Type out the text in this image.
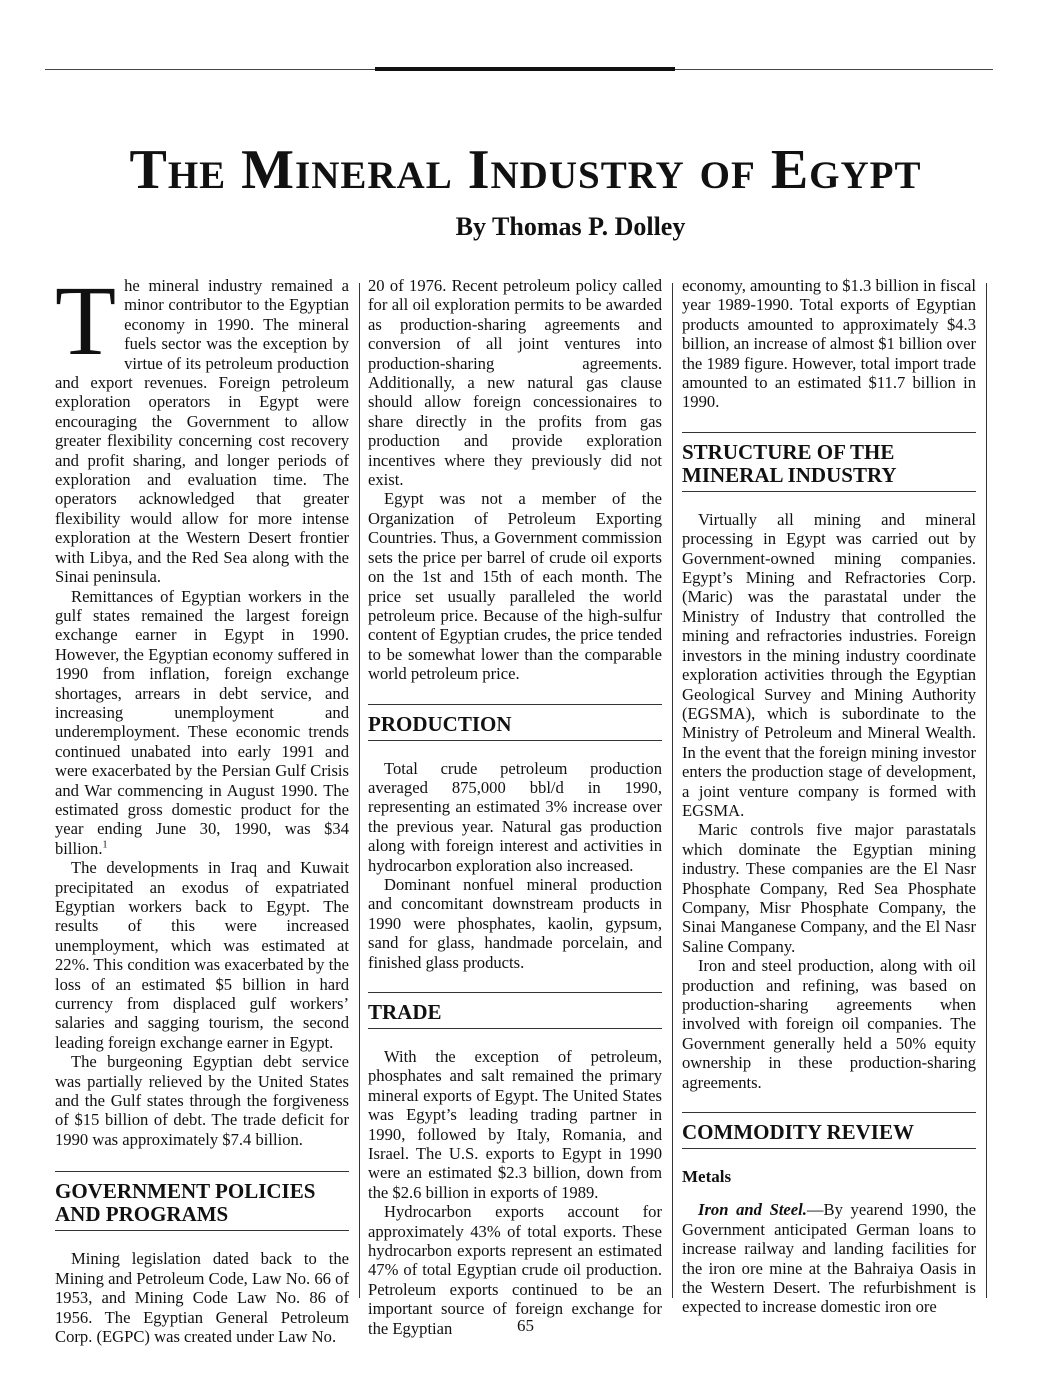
The Mineral Industry of Egypt
By Thomas P. Dolley

The mineral industry remained a minor contributor to the Egyptian economy in 1990. The mineral fuels sector was the exception by virtue of its petroleum production and export revenues. Foreign petroleum exploration operators in Egypt were encouraging the Government to allow greater flexibility concerning cost recovery and profit sharing, and longer periods of exploration and evaluation time. The operators acknowledged that greater flexibility would allow for more intense exploration at the Western Desert frontier with Libya, and the Red Sea along with the Sinai peninsula.

Remittances of Egyptian workers in the gulf states remained the largest foreign exchange earner in Egypt in 1990. However, the Egyptian economy suffered in 1990 from inflation, foreign exchange shortages, arrears in debt service, and increasing unemployment and underemployment. These economic trends continued unabated into early 1991 and were exacerbated by the Persian Gulf Crisis and War commencing in August 1990. The estimated gross domestic product for the year ending June 30, 1990, was $34 billion.$^1$

The developments in Iraq and Kuwait precipitated an exodus of expatriated Egyptian workers back to Egypt. The results of this were increased unemployment, which was estimated at 22%. This condition was exacerbated by the loss of an estimated $5 billion in hard currency from displaced gulf workers’ salaries and sagging tourism, the second leading foreign exchange earner in Egypt.

The burgeoning Egyptian debt service was partially relieved by the United States and the Gulf states through the forgiveness of $15 billion of debt. The trade deficit for 1990 was approximately $7.4 billion.

GOVERNMENT POLICIES AND PROGRAMS

Mining legislation dated back to the Mining and Petroleum Code, Law No. 66 of 1953, and Mining Code Law No. 86 of 1956. The Egyptian General Petroleum Corp. (EGPC) was created under Law No.

20 of 1976. Recent petroleum policy called for all oil exploration permits to be awarded as production-sharing agreements and conversion of all joint ventures into production-sharing agreements. Additionally, a new natural gas clause should allow foreign concessionaires to share directly in the profits from gas production and provide exploration incentives where they previously did not exist.

Egypt was not a member of the Organization of Petroleum Exporting Countries. Thus, a Government commission sets the price per barrel of crude oil exports on the 1st and 15th of each month. The price set usually paralleled the world petroleum price. Because of the high-sulfur content of Egyptian crudes, the price tended to be somewhat lower than the comparable world petroleum price.

PRODUCTION

Total crude petroleum production averaged 875,000 bbl/d in 1990, representing an estimated 3% increase over the previous year. Natural gas production along with foreign interest and activities in hydrocarbon exploration also increased.

Dominant nonfuel mineral production and concomitant downstream products in 1990 were phosphates, kaolin, gypsum, sand for glass, handmade porcelain, and finished glass products.

TRADE

With the exception of petroleum, phosphates and salt remained the primary mineral exports of Egypt. The United States was Egypt’s leading trading partner in 1990, followed by Italy, Romania, and Israel. The U.S. exports to Egypt in 1990 were an estimated $2.3 billion, down from the $2.6 billion in exports of 1989.

Hydrocarbon exports account for approximately 43% of total exports. These hydrocarbon exports represent an estimated 47% of total Egyptian crude oil production. Petroleum exports continued to be an important source of foreign exchange for the Egyptian

economy, amounting to $1.3 billion in fiscal year 1989-1990. Total exports of Egyptian products amounted to approximately $4.3 billion, an increase of almost $1 billion over the 1989 figure. However, total import trade amounted to an estimated $11.7 billion in 1990.

STRUCTURE OF THE MINERAL INDUSTRY

Virtually all mining and mineral processing in Egypt was carried out by Government-owned mining companies. Egypt’s Mining and Refractories Corp. (Maric) was the parastatal under the Ministry of Industry that controlled the mining and refractories industries. Foreign investors in the mining industry coordinate exploration activities through the Egyptian Geological Survey and Mining Authority (EGSMA), which is subordinate to the Ministry of Petroleum and Mineral Wealth. In the event that the foreign mining investor enters the production stage of development, a joint venture company is formed with EGSMA.

Maric controls five major parastatals which dominate the Egyptian mining industry. These companies are the El Nasr Phosphate Company, Red Sea Phosphate Company, Misr Phosphate Company, the Sinai Manganese Company, and the El Nasr Saline Company.

Iron and steel production, along with oil production and refining, was based on production-sharing agreements when involved with foreign oil companies. The Government generally held a 50% equity ownership in these production-sharing agreements.

COMMODITY REVIEW
Metals

Iron and Steel.—By yearend 1990, the Government anticipated German loans to increase railway and landing facilities for the iron ore mine at the Bahraiya Oasis in the Western Desert. The refurbishment is expected to increase domestic iron ore

65
